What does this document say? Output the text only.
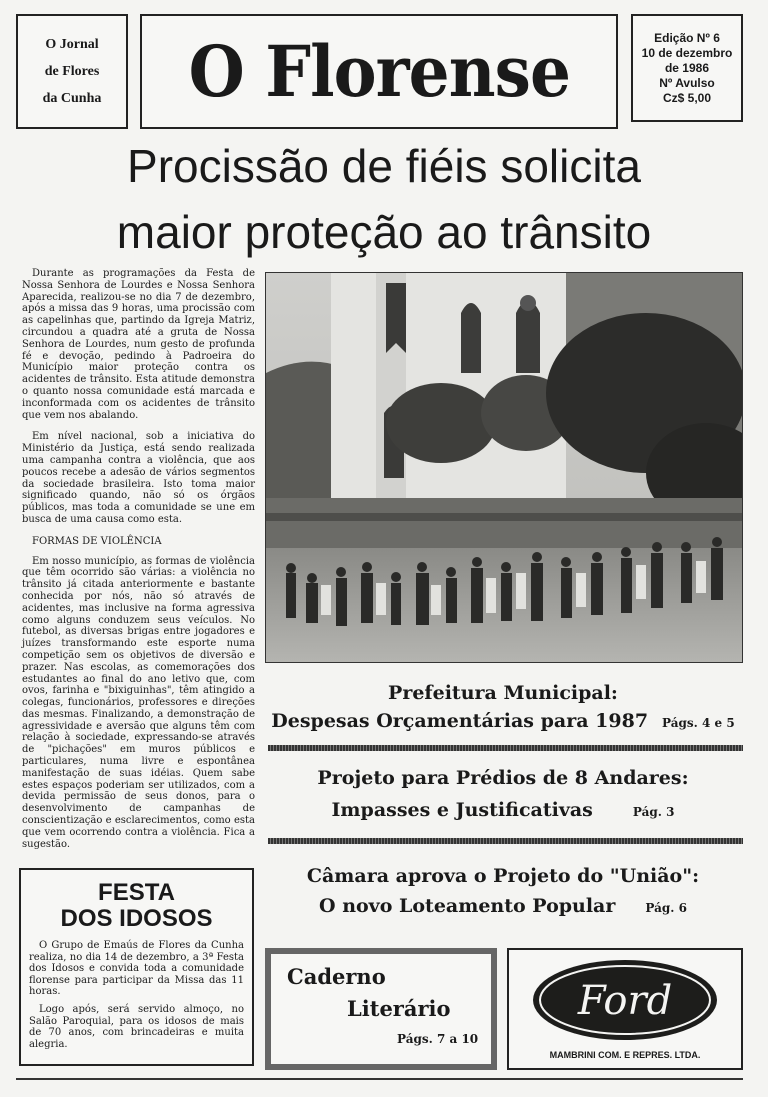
O Jornal
de Flores
da Cunha O Florense	Edição Nº 6
10 de dezembro
de 1986
Nº Avulso
Cz$ 5,00
Procissão de fiéis solicita
maior proteção ao trânsito

Durante as programações da Festa de Nossa Senhora de Lourdes e Nossa Senhora Aparecida, realizou-se no dia 7 de dezembro, após a missa das 9 horas, uma procissão com as capelinhas que, partindo da Igreja Matriz, circundou a quadra até a gruta de Nossa Senhora de Lourdes, num gesto de profunda fé e devoção, pedindo à Padroeira do Município maior proteção contra os acidentes de trânsito. Esta atitude demonstra o quanto nossa comunidade está marcada e inconformada com os acidentes de trânsito que vem nos abalando.

Em nível nacional, sob a iniciativa do Ministério da Justiça, está sendo realizada uma campanha contra a violência, que aos poucos recebe a adesão de vários segmentos da sociedade brasileira. Isto toma maior significado quando, não só os órgãos públicos, mas toda a comunidade se une em busca de uma causa como esta.

FORMAS DE VIOLÊNCIA

Em nosso município, as formas de violência que têm ocorrido são várias: a violência no trânsito já citada anteriormente e bastante conhecida por nós, não só através de acidentes, mas inclusive na forma agressiva como alguns conduzem seus veículos. No futebol, as diversas brigas entre jogadores e juízes transformando este esporte numa competição sem os objetivos de diversão e prazer. Nas escolas, as comemorações dos estudantes ao final do ano letivo que, com ovos, farinha e "bixiguinhas", têm atingido a colegas, funcionários, professores e direções das mesmas. Finalizando, a demonstração de agressividade e aversão que alguns têm com relação à sociedade, expressando-se através de "pichações" em muros públicos e particulares, numa livre e espontânea manifestação de suas idéias. Quem sabe estes espaços poderiam ser utilizados, com a devida permissão de seus donos, para o desenvolvimento de campanhas de conscientização e esclarecimentos, como esta que vem ocorrendo contra a violência. Fica a sugestão.

Prefeitura Municipal:
Despesas Orçamentárias para 1987 Págs. 4 e 5
Projeto para Prédios de 8 Andares:
Impasses e Justificativas	Pág. 3
Câmara aprova o Projeto do "União":
O novo Loteamento Popular	Pág. 6
FESTA
DOS IDOSOS

O Grupo de Emaús de Flores da Cunha realiza, no dia 14 de dezembro, a 3ª Festa dos Idosos e convida toda a comunidade florense para participar da Missa das 11 horas.

Logo após, será servido almoço, no Salão Paroquial, para os idosos de mais de 70 anos, com brincadeiras e muita alegria.

Caderno
Literário
Págs. 7 a 10
Ford
MAMBRINI COM. E REPRES. LTDA.
